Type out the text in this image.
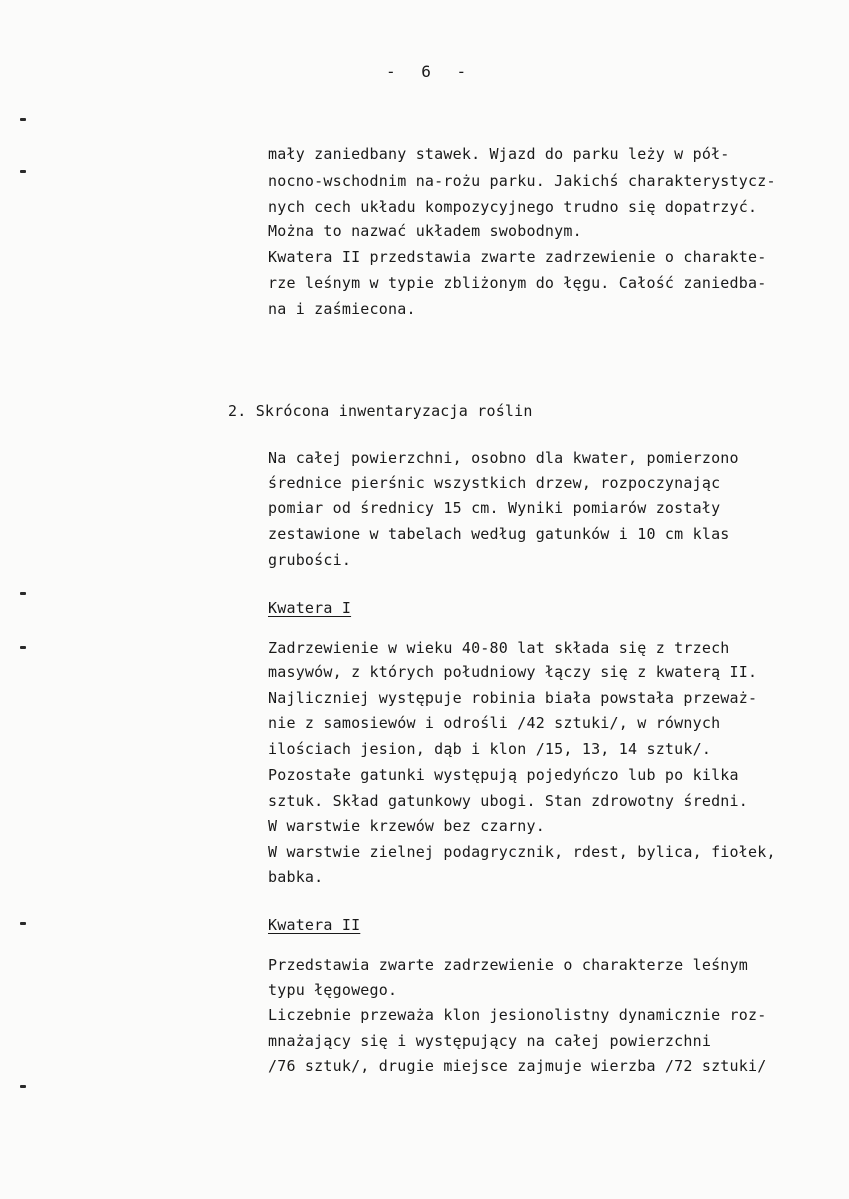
- 6 -
mały zaniedbany stawek. Wjazd do parku leży w pół-
nocno-wschodnim na-rożu parku. Jakichś charakterystycz-
nych cech układu kompozycyjnego trudno się dopatrzyć.
Można to nazwać układem swobodnym.
Kwatera II przedstawia zwarte zadrzewienie o charakte-
rze leśnym w typie zbliżonym do łęgu. Całość zaniedba-
na i zaśmiecona.
2. Skrócona inwentaryzacja roślin
Na całej powierzchni, osobno dla kwater, pomierzono
średnice pierśnic wszystkich drzew, rozpoczynając
pomiar od średnicy 15 cm. Wyniki pomiarów zostały
zestawione w tabelach według gatunków i 10 cm klas
grubości.
Kwatera I
Zadrzewienie w wieku 40-80 lat składa się z trzech
masywów, z których południowy łączy się z kwaterą II.
Najliczniej występuje robinia biała powstała przeważ-
nie z samosiewów i odrośli /42 sztuki/, w równych
ilościach jesion, dąb i klon /15, 13, 14 sztuk/.
Pozostałe gatunki występują pojedyńczo lub po kilka
sztuk. Skład gatunkowy ubogi. Stan zdrowotny średni.
W warstwie krzewów bez czarny.
W warstwie zielnej podagrycznik, rdest, bylica, fiołek,
babka.
Kwatera II
Przedstawia zwarte zadrzewienie o charakterze leśnym
typu łęgowego.
Liczebnie przeważa klon jesionolistny dynamicznie roz-
mnażający się i występujący na całej powierzchni
/76 sztuk/, drugie miejsce zajmuje wierzba /72 sztuki/
